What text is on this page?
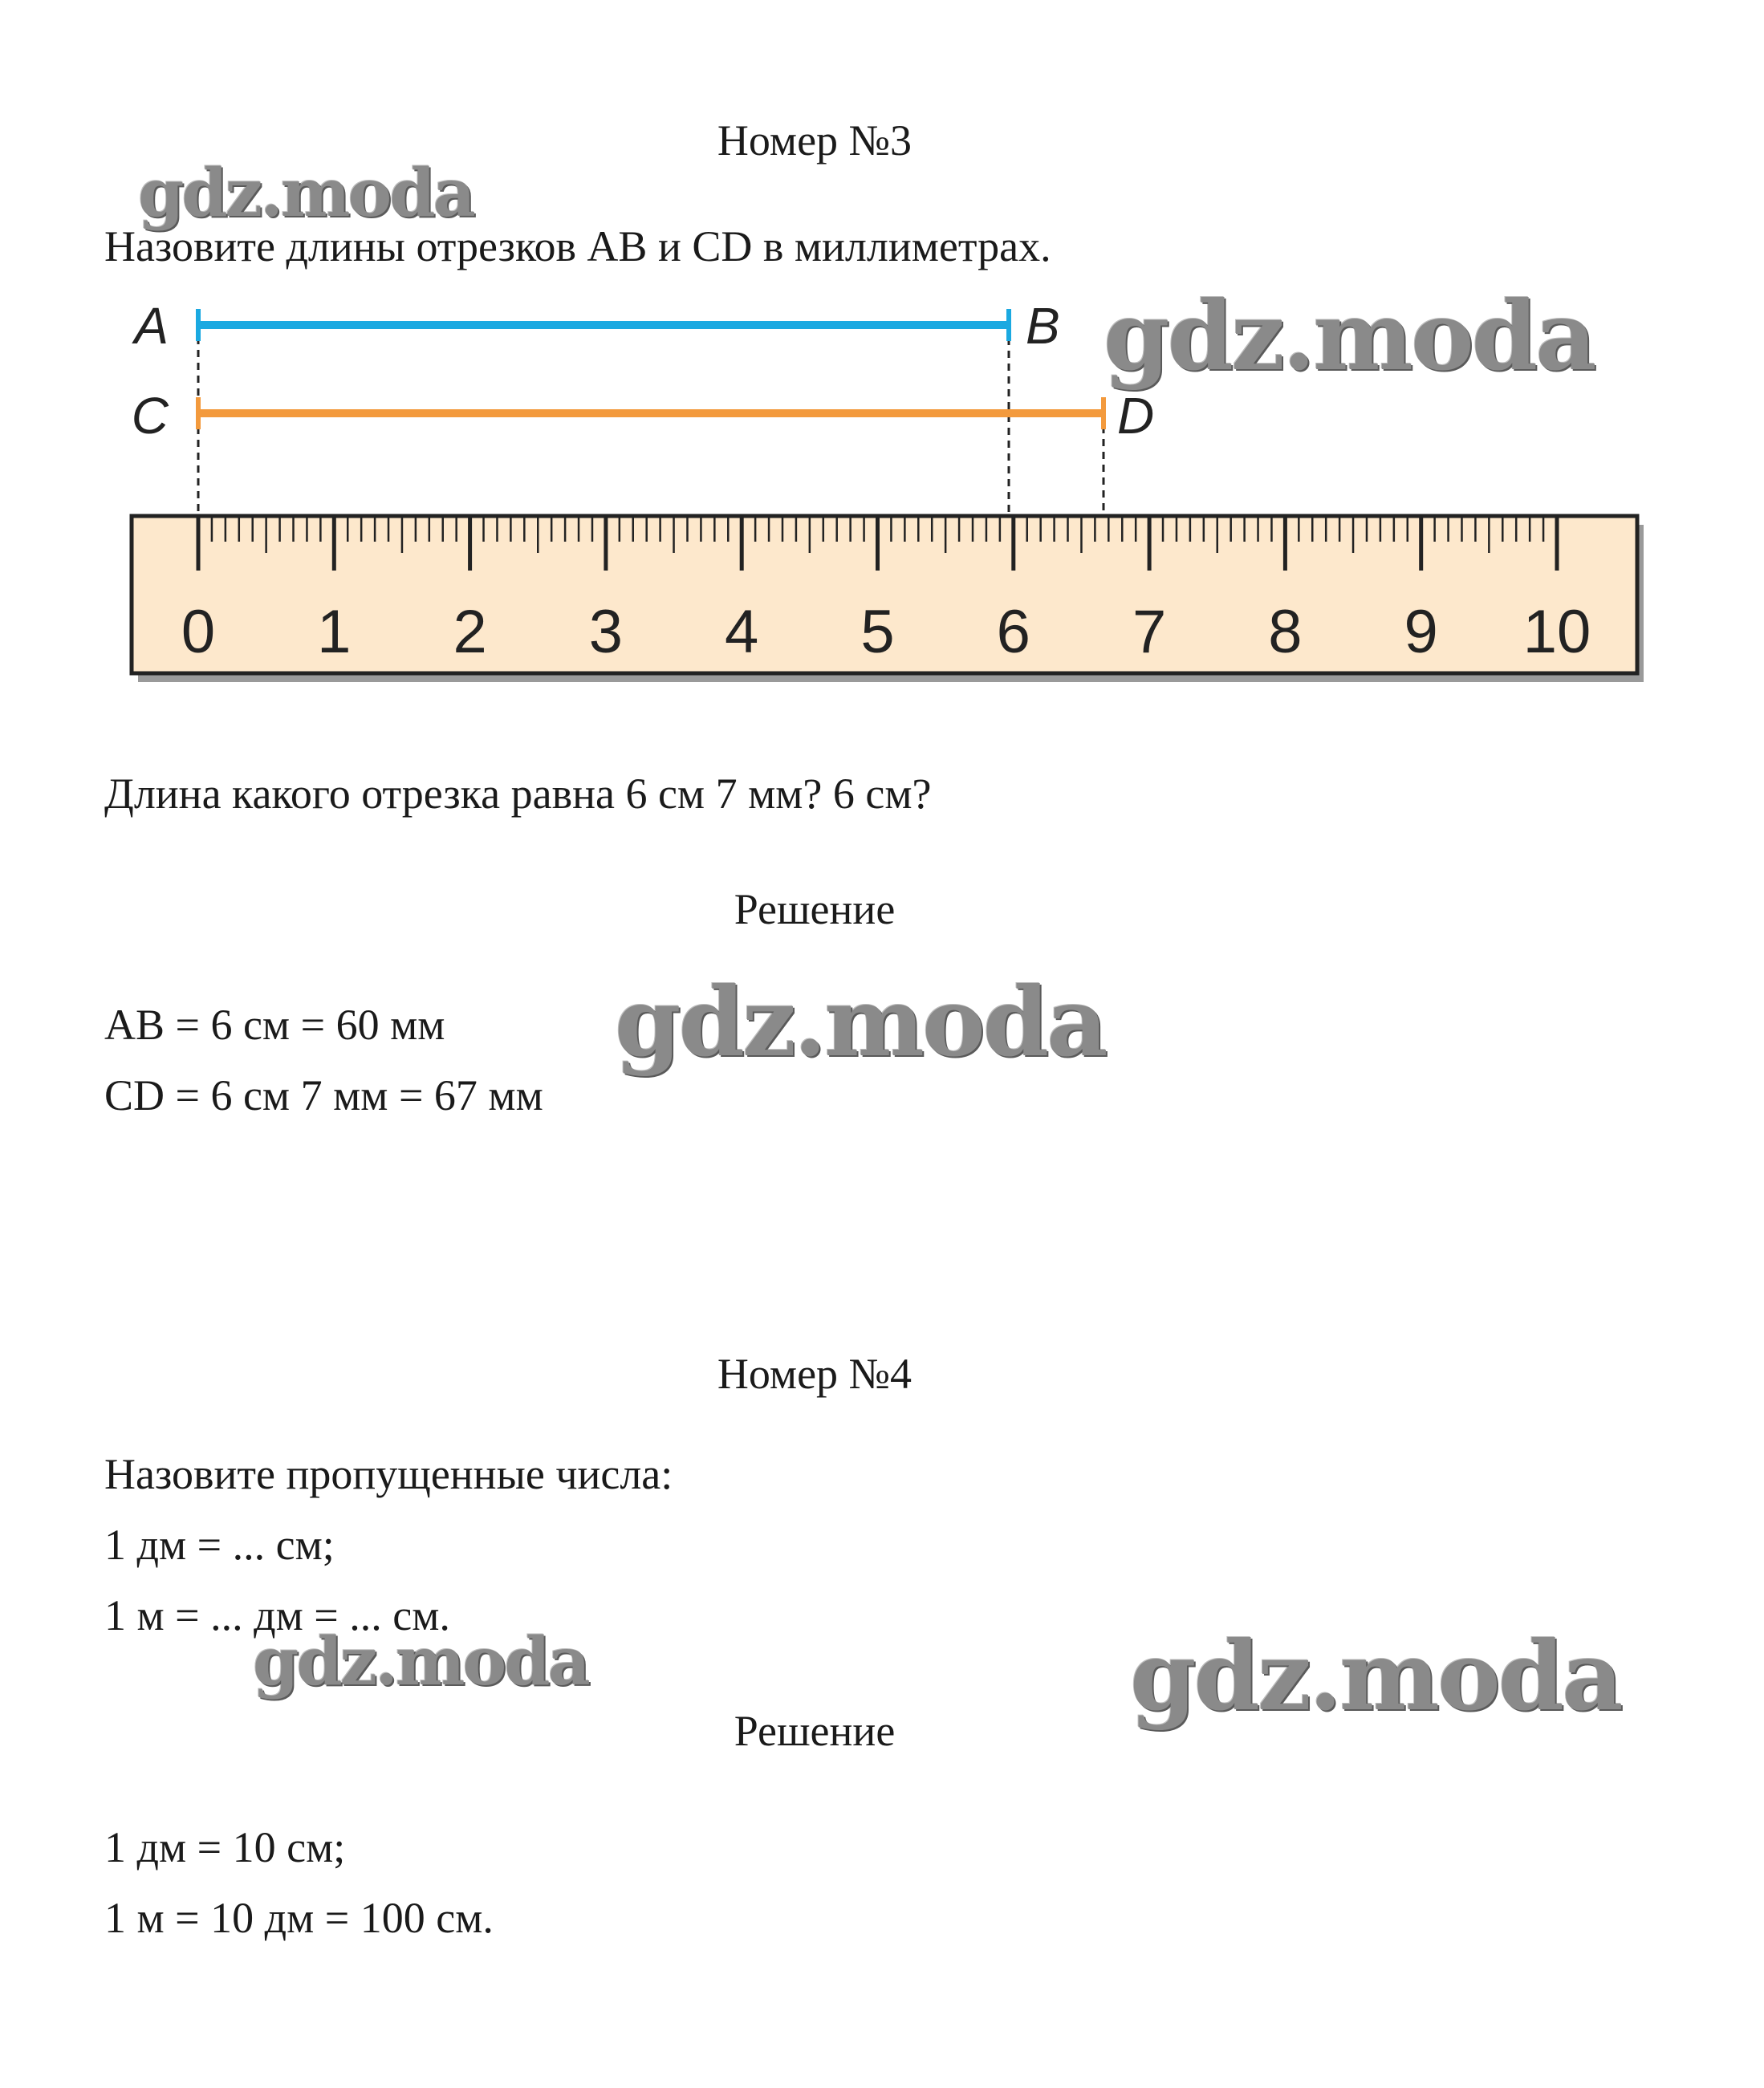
Номер №3
Назовите длины отрезков AB и CD в миллиметрах.
A	B
C	D
0 1 2 3 4 5 6 7 8 9 10
gdz.moda
gdz.moda
Длина какого отрезка равна 6 см 7 мм? 6 см?
Решение
AB = 6 см = 60 мм
CD = 6 см 7 мм = 67 мм
gdz.moda
Номер №4
Назовите пропущенные числа:
1 дм = ... см;
1 м = ... дм = ... см.
gdz.moda
Решение	gdz.moda
1 дм = 10 см;
1 м = 10 дм = 100 см.
